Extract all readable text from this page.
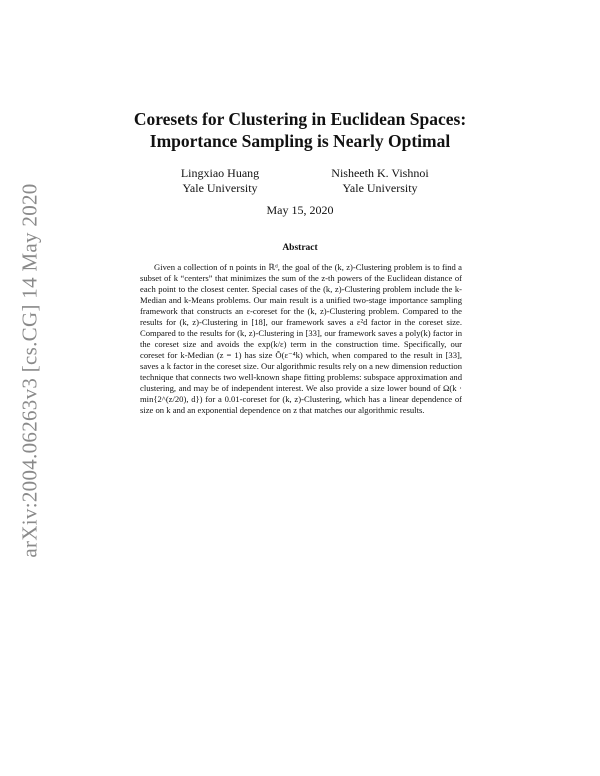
arXiv:2004.06263v3 [cs.CG] 14 May 2020
Coresets for Clustering in Euclidean Spaces:
Importance Sampling is Nearly Optimal
Lingxiao Huang
Yale University
Nisheeth K. Vishnoi
Yale University
May 15, 2020
Abstract

Given a collection of n points in ℝᵈ, the goal of the (k, z)-Clustering problem is to find a subset of k “centers” that minimizes the sum of the z-th powers of the Euclidean distance of each point to the closest center. Special cases of the (k, z)-Clustering problem include the k-Median and k-Means problems. Our main result is a unified two-stage importance sampling framework that constructs an ε-coreset for the (k, z)-Clustering problem. Compared to the results for (k, z)-Clustering in [18], our framework saves a ε²d factor in the coreset size. Compared to the results for (k, z)-Clustering in [33], our framework saves a poly(k) factor in the coreset size and avoids the exp(k/ε) term in the construction time. Specifically, our coreset for k-Median (z = 1) has size Õ(ε⁻⁴k) which, when compared to the result in [33], saves a k factor in the coreset size. Our algorithmic results rely on a new dimension reduction technique that connects two well-known shape fitting problems: subspace approximation and clustering, and may be of independent interest. We also provide a size lower bound of Ω(k · min{2^(z/20), d}) for a 0.01-coreset for (k, z)-Clustering, which has a linear dependence of size on k and an exponential dependence on z that matches our algorithmic results.
